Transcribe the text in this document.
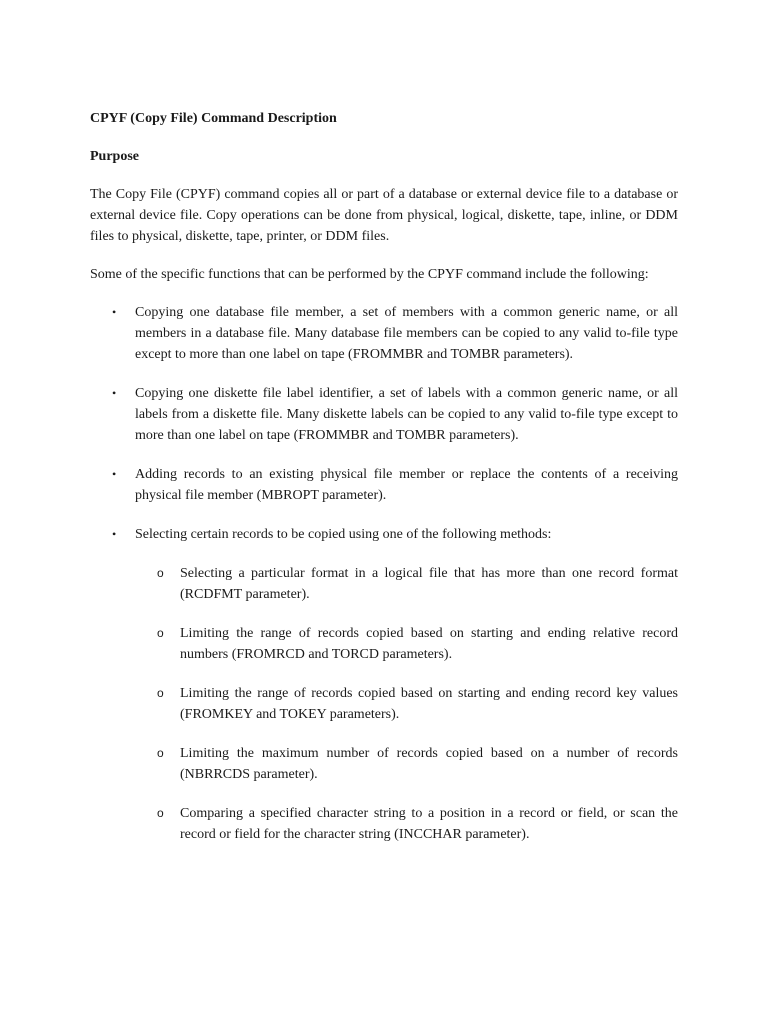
CPYF (Copy File) Command Description
Purpose

The Copy File (CPYF) command copies all or part of a database or external device file to a database or external device file. Copy operations can be done from physical, logical, diskette, tape, inline, or DDM files to physical, diskette, tape, printer, or DDM files.

Some of the specific functions that can be performed by the CPYF command include the following:

• Copying one database file member, a set of members with a common generic name, or all members in a database file. Many database file members can be copied to any valid to-file type except to more than one label on tape (FROMMBR and TOMBR parameters).
• Copying one diskette file label identifier, a set of labels with a common generic name, or all labels from a diskette file. Many diskette labels can be copied to any valid to-file type except to more than one label on tape (FROMMBR and TOMBR parameters).
• Adding records to an existing physical file member or replace the contents of a receiving physical file member (MBROPT parameter).
• Selecting certain records to be copied using one of the following methods:
o Selecting a particular format in a logical file that has more than one record format (RCDFMT parameter).
o Limiting the range of records copied based on starting and ending relative record numbers (FROMRCD and TORCD parameters).
o Limiting the range of records copied based on starting and ending record key values (FROMKEY and TOKEY parameters).
o Limiting the maximum number of records copied based on a number of records (NBRRCDS parameter).
o Comparing a specified character string to a position in a record or field, or scan the record or field for the character string (INCCHAR parameter).
